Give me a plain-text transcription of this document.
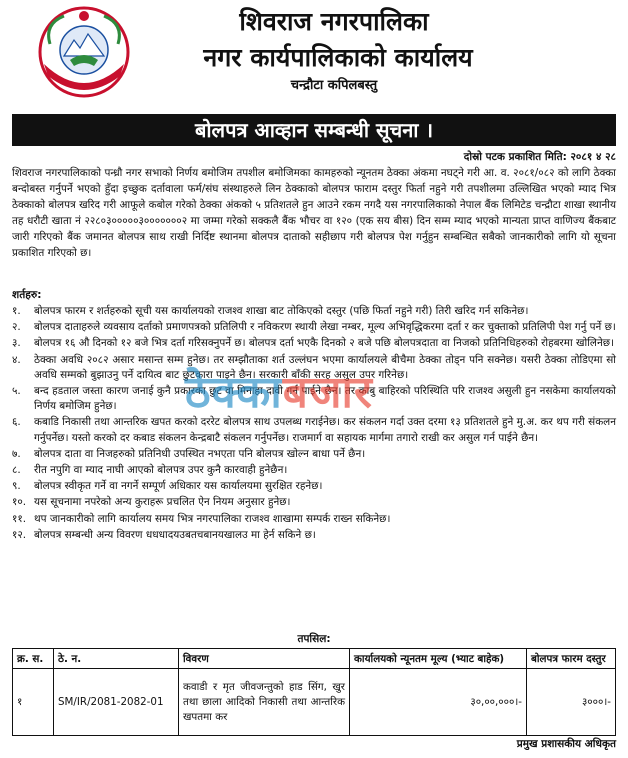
शिवराज नगरपालिका
नगर कार्यपालिकाको कार्यालय
चन्द्रौटा कपिलबस्तु
बोलपत्र आव्हान सम्बन्धी सूचना ।
दोस्रो पटक प्रकाशित मिति: २०८१ ४ २८
शिवराज नगरपालिकाको पन्ध्रौ नगर सभाको निर्णय बमोजिम तपशील बमोजिमका कामहरुको न्यूनतम ठेक्का अंकमा नघट्ने गरी आ. व. २०८१/०८२ को लागि ठेक्का बन्दोबस्त गर्नुपर्ने भएको हुँदा इच्छुक दर्तावाला फर्म/संघ संस्थाहरुले लिन ठेक्काको बोलपत्र फाराम दस्तुर फिर्ता नहुने गरी तपशीलमा उल्लिखित भएको म्याद भित्र ठेक्काको बोलपत्र खरिद गरी आफूले कबोल गरेको ठेक्का अंकको ५ प्रतिशतले हुन आउने रकम नगदै यस नगरपालिकाको नेपाल बैंक लिमिटेड चन्द्रौटा शाखा स्थानीय तह धरौटी खाता नं २२८०३०००००३०००००००२ मा जम्मा गरेको सक्कलै बैंक भौचर वा १२० (एक सय बीस) दिन सम्म म्याद भएको मान्यता प्राप्त वाणिज्य बैंकबाट जारी गरिएको बैंक जमानत बोलपत्र साथ राखी निर्दिष्ट स्थानमा बोलपत्र दाताको सहीछाप गरी बोलपत्र पेश गर्नुहुन सम्बन्धित सबैको जानकारीको लागि यो सूचना प्रकाशित गरिएको छ।
शर्तहरु:
१.	बोलपत्र फारम र शर्तहरुको सूची यस कार्यालयको राजश्व शाखा बाट तोकिएको दस्तुर (पछि फिर्ता नहुने गरी) तिरी खरिद गर्न सकिनेछ।
२.	बोलपत्र दाताहरुले व्यवसाय दर्ताको प्रमाणपत्रको प्रतिलिपी र नविकरण स्थायी लेखा नम्बर, मूल्य अभिवृद्धिकरमा दर्ता र कर चुक्ताको प्रतिलिपी पेश गर्नु पर्ने छ।
३.	बोलपत्र १६ औ दिनको १२ बजे भित्र दर्ता गरिसक्नुपर्ने छ। बोलपत्र दर्ता भएकै दिनको २ बजे पछि बोलपत्रदाता वा निजको प्रतिनिधिहरुको रोहबरमा खोलिनेछ।
४.	ठेक्का अवधि २०८२ असार मसान्त सम्म हुनेछ। तर सम्झौताका शर्त उल्लंघन भएमा कार्यालयले बीचैमा ठेक्का तोड्न पनि सक्नेछ। यसरी ठेक्का तोडिएमा सो अवधि सम्मको बुझाउनु पर्ने दायित्व बाट छुटकारा पाइने छैन। सरकारी बाँकी सरह असुल उपर गरिनेछ।
५.	बन्द हडताल जस्ता कारण जनाई कुनै प्रकारका छुट वा मिनाहा दावी गर्न पाईने छैन। तर काबु बाहिरको परिस्थिति परि राजश्व असुली हुन नसकेमा कार्यालयको निर्णय बमोजिम हुनेछ।
६.	कबाडि निकासी तथा आन्तरिक खपत करको दररेट बोलपत्र साथ उपलब्ध गराईनेछ। कर संकलन गर्दा उक्त दरमा १३ प्रतिशतले हुने मु.अ. कर थप गरी संकलन गर्नुपर्नेछ। यस्तो करको दर कबाड संकलन केन्द्रबाटै संकलन गर्नुपर्नेछ। राजमार्ग वा सहायक मार्गमा तगारो राखी कर असुल गर्न पाईने छैन।
७.	बोलपत्र दाता वा निजहरुको प्रतिनिधी उपस्थित नभएता पनि बोलपत्र खोल्न बाधा पर्ने छैन।
८.	रीत नपुगि वा म्याद नाघी आएको बोलपत्र उपर कुनै कारवाही हुनेछैन।
९.	बोलपत्र स्वीकृत गर्ने वा नगर्ने सम्पूर्ण अधिकार यस कार्यालयमा सुरक्षित रहनेछ।
१०. यस सूचनामा नपरेको अन्य कुराहरू प्रचलित ऐन नियम अनुसार हुनेछ।
११. थप जानकारीको लागि कार्यालय समय भित्र नगरपालिका राजश्व शाखामा सम्पर्क राख्न सकिनेछ।
१२. बोलपत्र सम्बन्धी अन्य विवरण धधधादयउबतचबानयखालउ मा हेर्न सकिने छ।
ठेक्काबजार
तपसिल:
क्र. स.	ठे. न.	विवरण	कार्यालयको न्यूनतम मूल्य (भ्याट बाहेक)	बोलपत्र फारम दस्तुर
१	SM/IR/2081-2082-01	कवाडी र मृत जीवजन्तुको हाड सिंग, खुर तथा छाला आदिको निकासी तथा आन्तरिक खपतमा कर	३०,००,०००।-	३०००।-
प्रमुख प्रशासकीय अधिकृत
